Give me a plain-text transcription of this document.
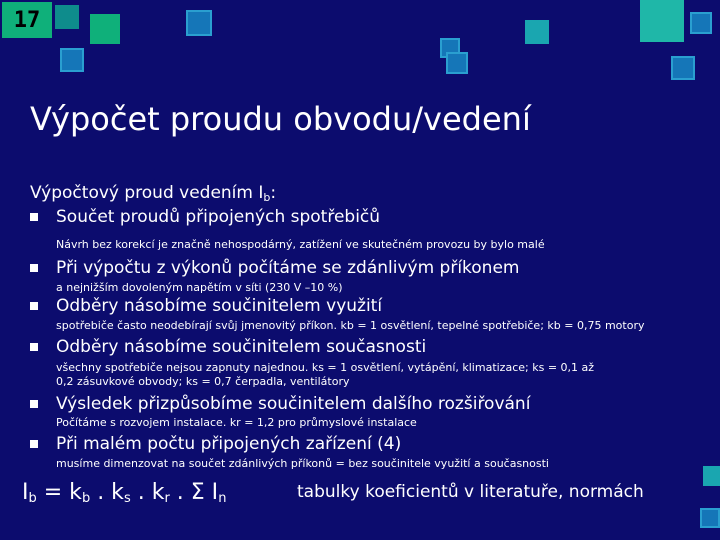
17
Výpočet proudu obvodu/vedení
Výpočtový proud vedením $I_b$:
Součet proudů připojených spotřebičů
Návrh bez korekcí je značně nehospodárný, zatížení ve skutečném provozu by bylo malé
Při výpočtu z výkonů počítáme se zdánlivým příkonem
a nejnižším dovoleným napětím v síti (230 V –10 %)
Odběry násobíme součinitelem využití
spotřebiče často neodebírají svůj jmenovitý příkon. kb = 1 osvětlení, tepelné spotřebiče; kb = 0,75 motory
Odběry násobíme součinitelem současnosti
všechny spotřebiče nejsou zapnuty najednou. ks = 1 osvětlení, vytápění, klimatizace; ks = 0,1 až
0,2 zásuvkové obvody; ks = 0,7 čerpadla, ventilátory
Výsledek přizpůsobíme součinitelem dalšího rozšiřování
Počítáme s rozvojem instalace. kr = 1,2 pro průmyslové instalace
Při malém počtu připojených zařízení (4)
musíme dimenzovat na součet zdánlivých příkonů = bez součinitele využití a současnosti
Ib = kb . ks . kr . Σ In	tabulky koeficientů v literatuře, normách
